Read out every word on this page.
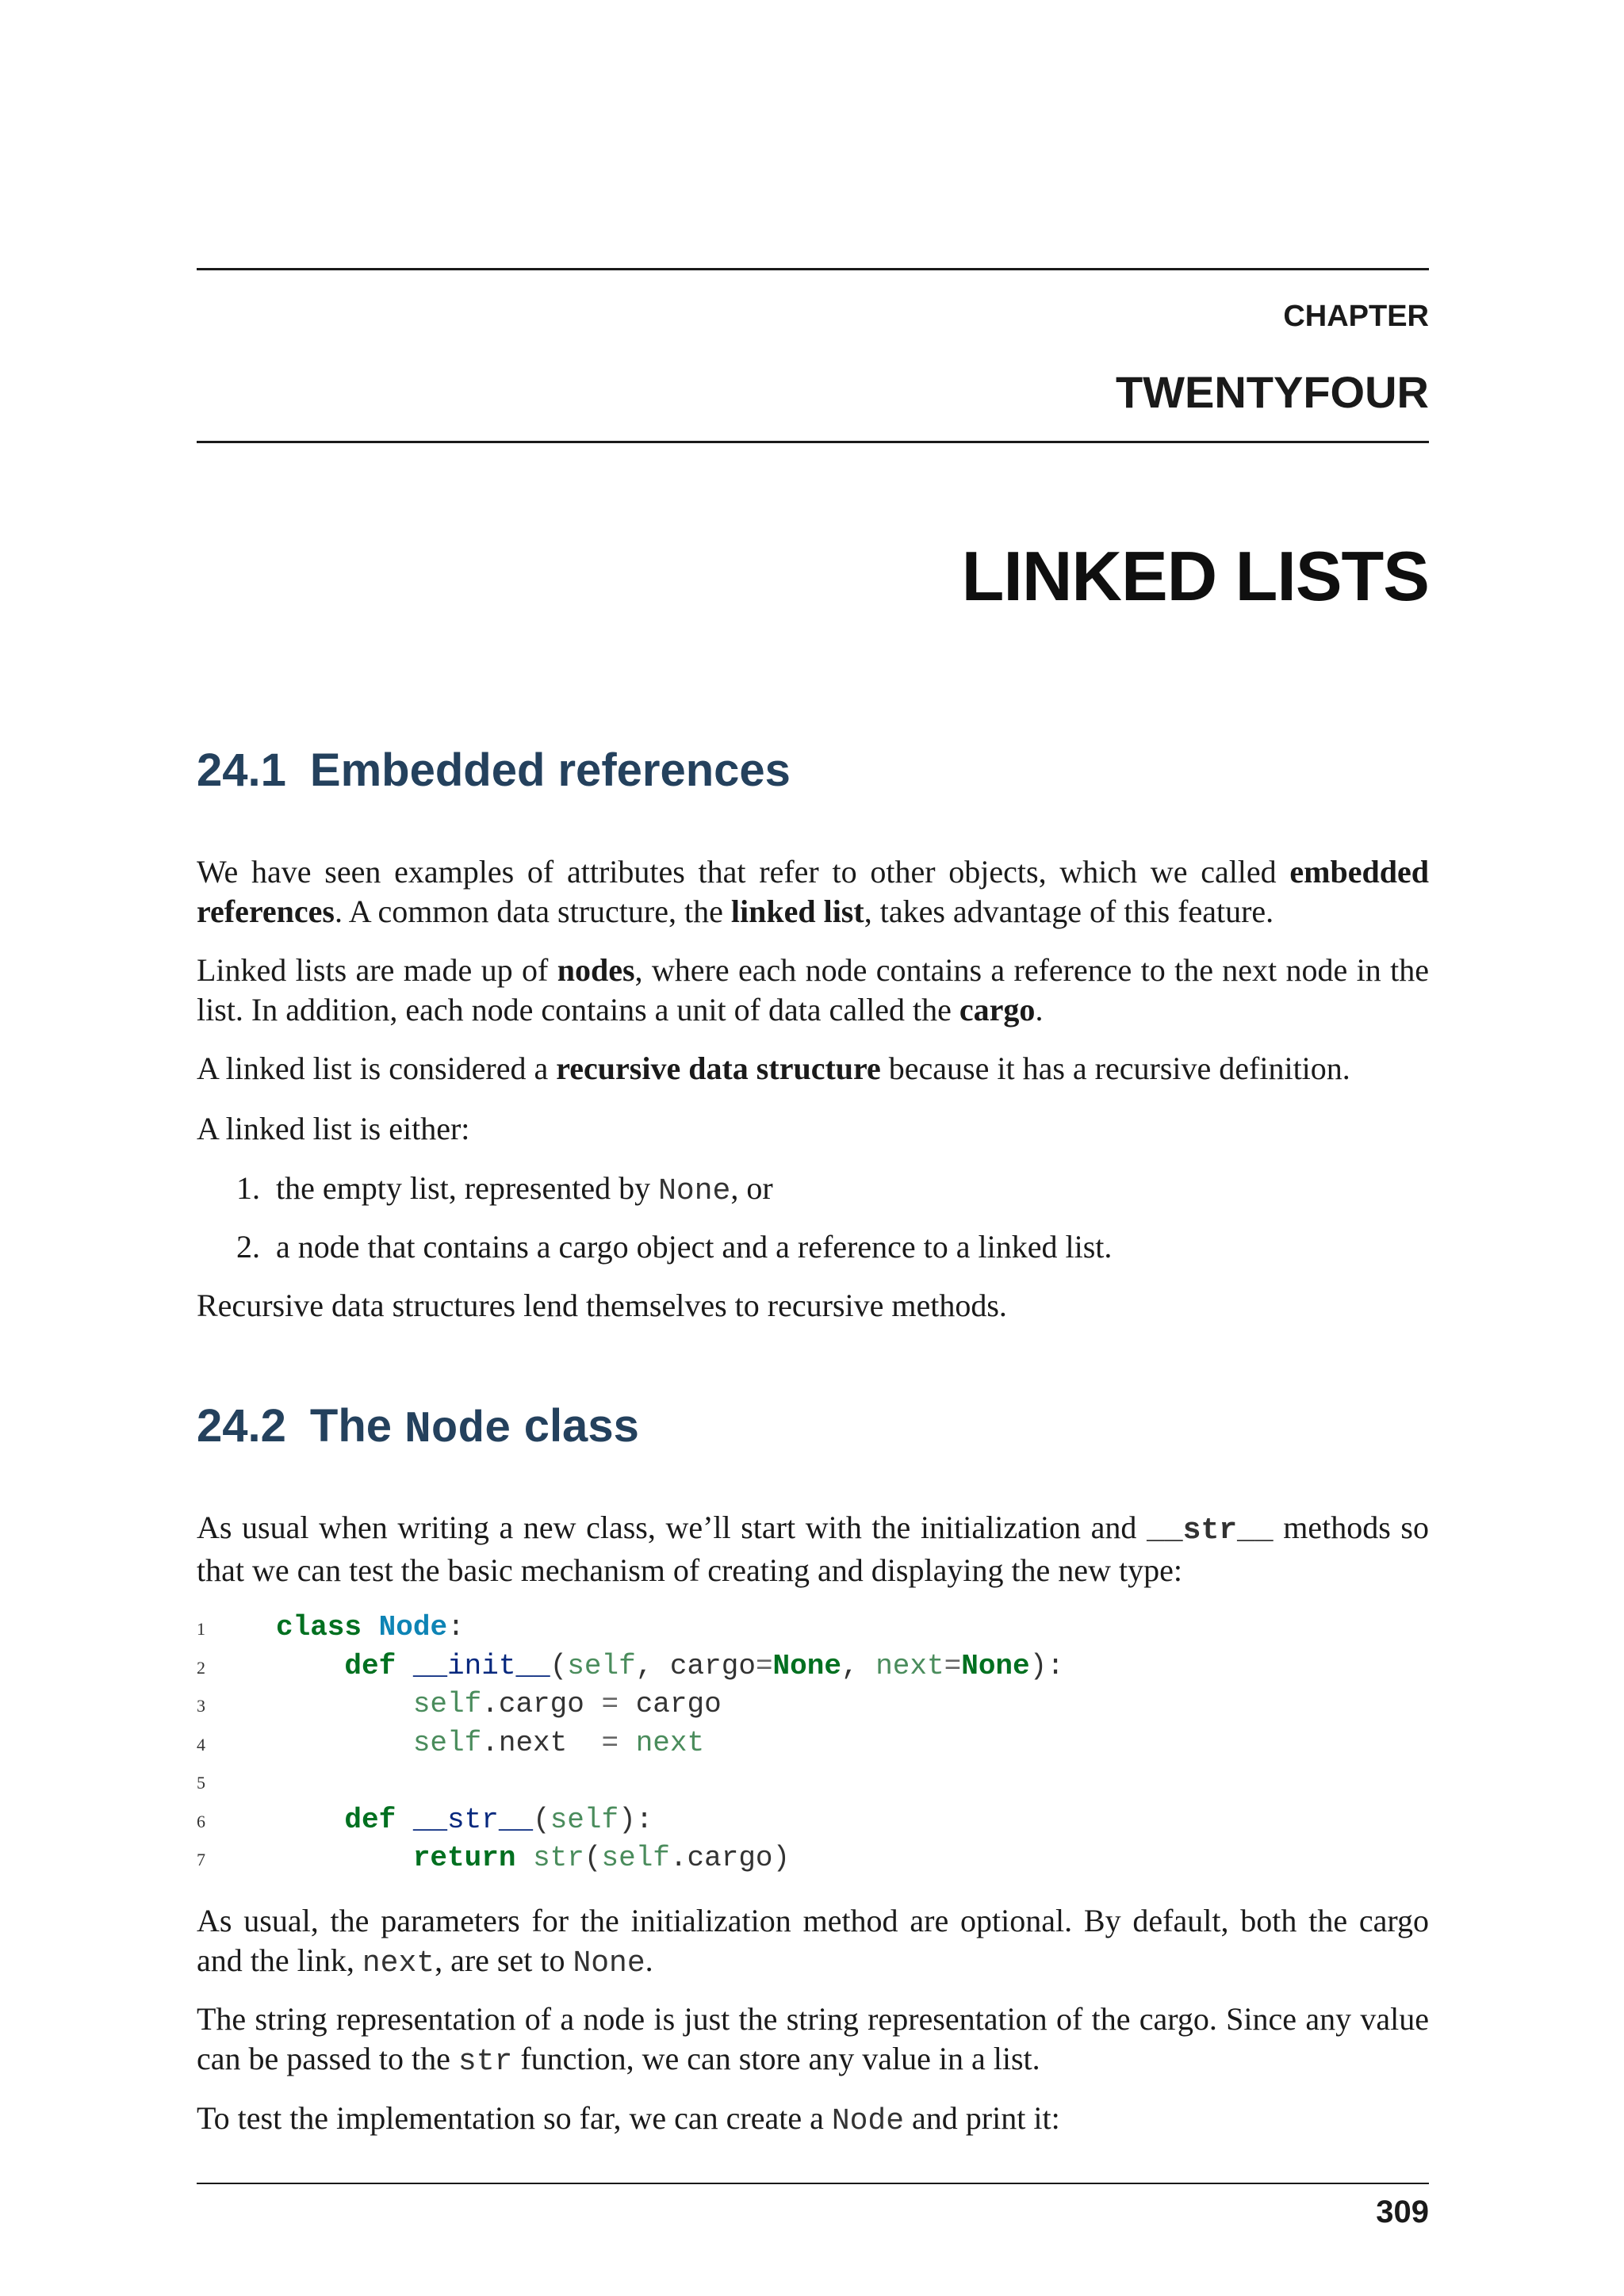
CHAPTER
TWENTYFOUR
LINKED LISTS
24.1 Embedded references

We have seen examples of attributes that refer to other objects, which we called embedded references. A common data structure, the linked list, takes advantage of this feature.

Linked lists are made up of nodes, where each node contains a reference to the next node in the list. In addition, each node contains a unit of data called the cargo.

A linked list is considered a recursive data structure because it has a recursive definition.

A linked list is either:

1. the empty list, represented by None, or
2. a node that contains a cargo object and a reference to a linked list.

Recursive data structures lend themselves to recursive methods.

24.2 The Node class

As usual when writing a new class, we’ll start with the initialization and __str__ methods so that we can test the basic mechanism of creating and displaying the new type:

1 class Node:
2	def __init__(self, cargo=None, next=None):
3	self.cargo = cargo
4	self.next  = next
5
6	def __str__(self):
7	return str(self.cargo)

As usual, the parameters for the initialization method are optional. By default, both the cargo and the link, next, are set to None.

The string representation of a node is just the string representation of the cargo. Since any value can be passed to the str function, we can store any value in a list.

To test the implementation so far, we can create a Node and print it:

309
